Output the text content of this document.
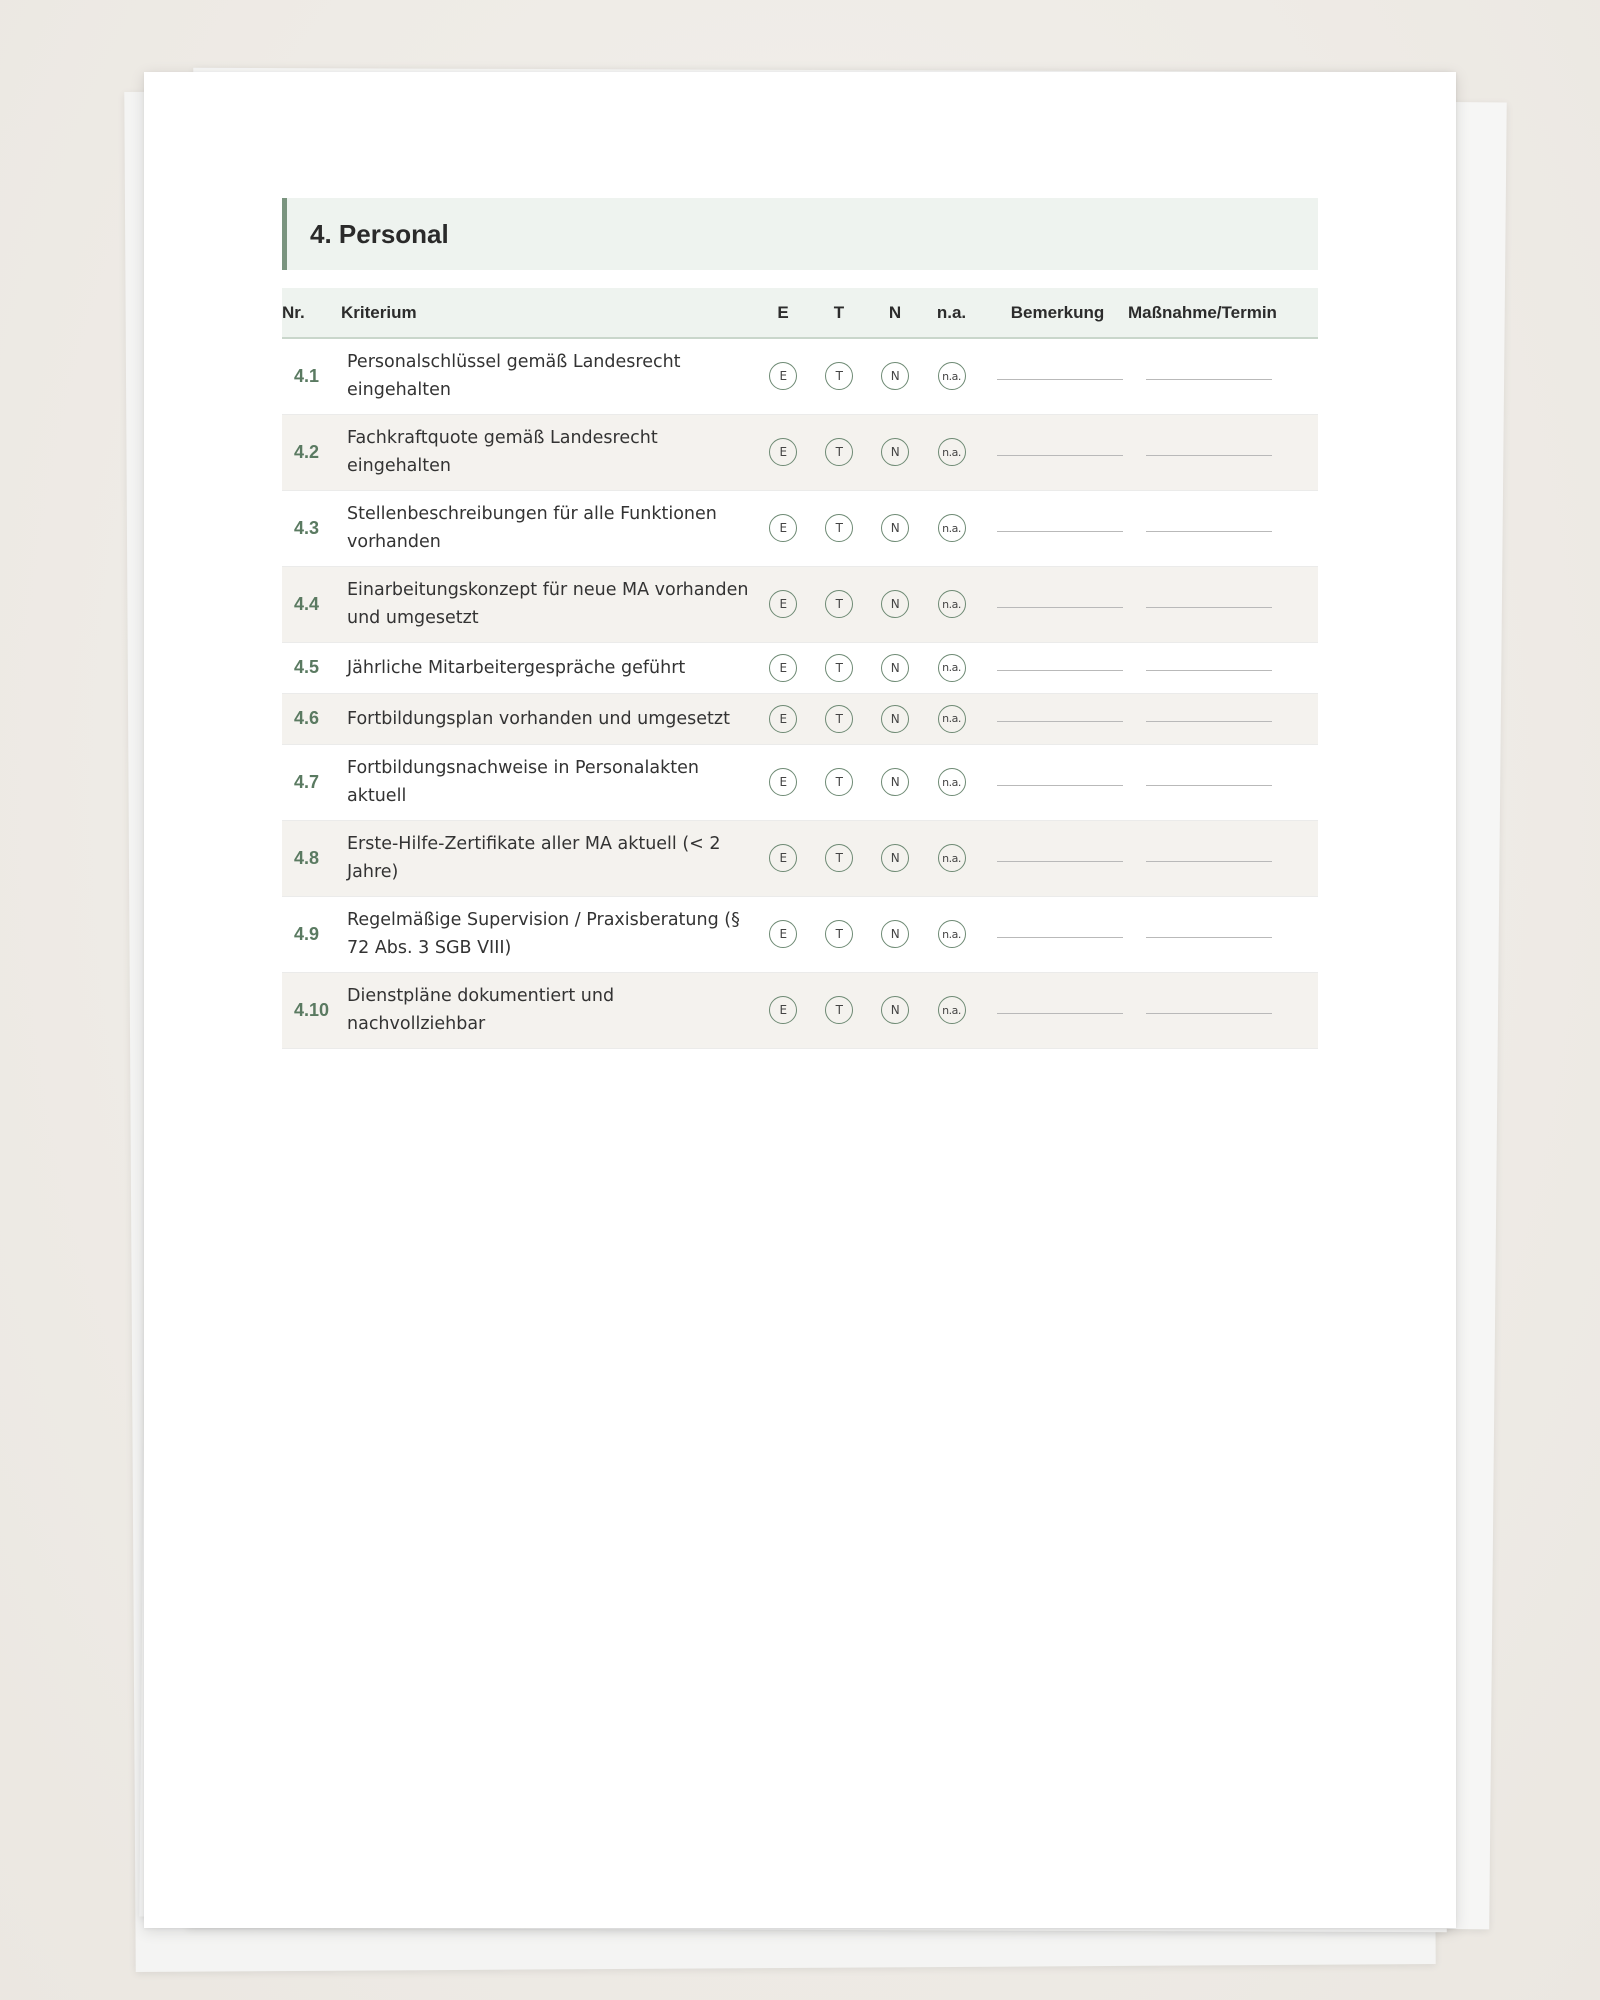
4. Personal
Nr.	Kriterium	E	T	N	n.a.	Bemerkung	Maßnahme/Termin
4.1	Personalschlüssel gemäß Landesrecht eingehalten	E	T	N	n.a.	

4.2	Fachkraftquote gemäß Landesrecht eingehalten	E	T	N	n.a.	

4.3	Stellenbeschreibungen für alle Funktionen vorhanden	E	T	N	n.a.	

4.4	Einarbeitungskonzept für neue MA vorhanden und umgesetzt	E	T	N	n.a.	

4.5	Jährliche Mitarbeitergespräche geführt	E	T	N	n.a.	

4.6	Fortbildungsplan vorhanden und umgesetzt	E	T	N	n.a.	

4.7	Fortbildungsnachweise in Personalakten aktuell	E	T	N	n.a.	

4.8	Erste-Hilfe-Zertifikate aller MA aktuell (< 2 Jahre)	E	T	N	n.a.	

4.9	Regelmäßige Supervision / Praxisberatung (§ 72 Abs. 3 SGB VIII)	E	T	N	n.a.	

4.10	Dienstpläne dokumentiert und nachvollziehbar	E	T	N	n.a.	
